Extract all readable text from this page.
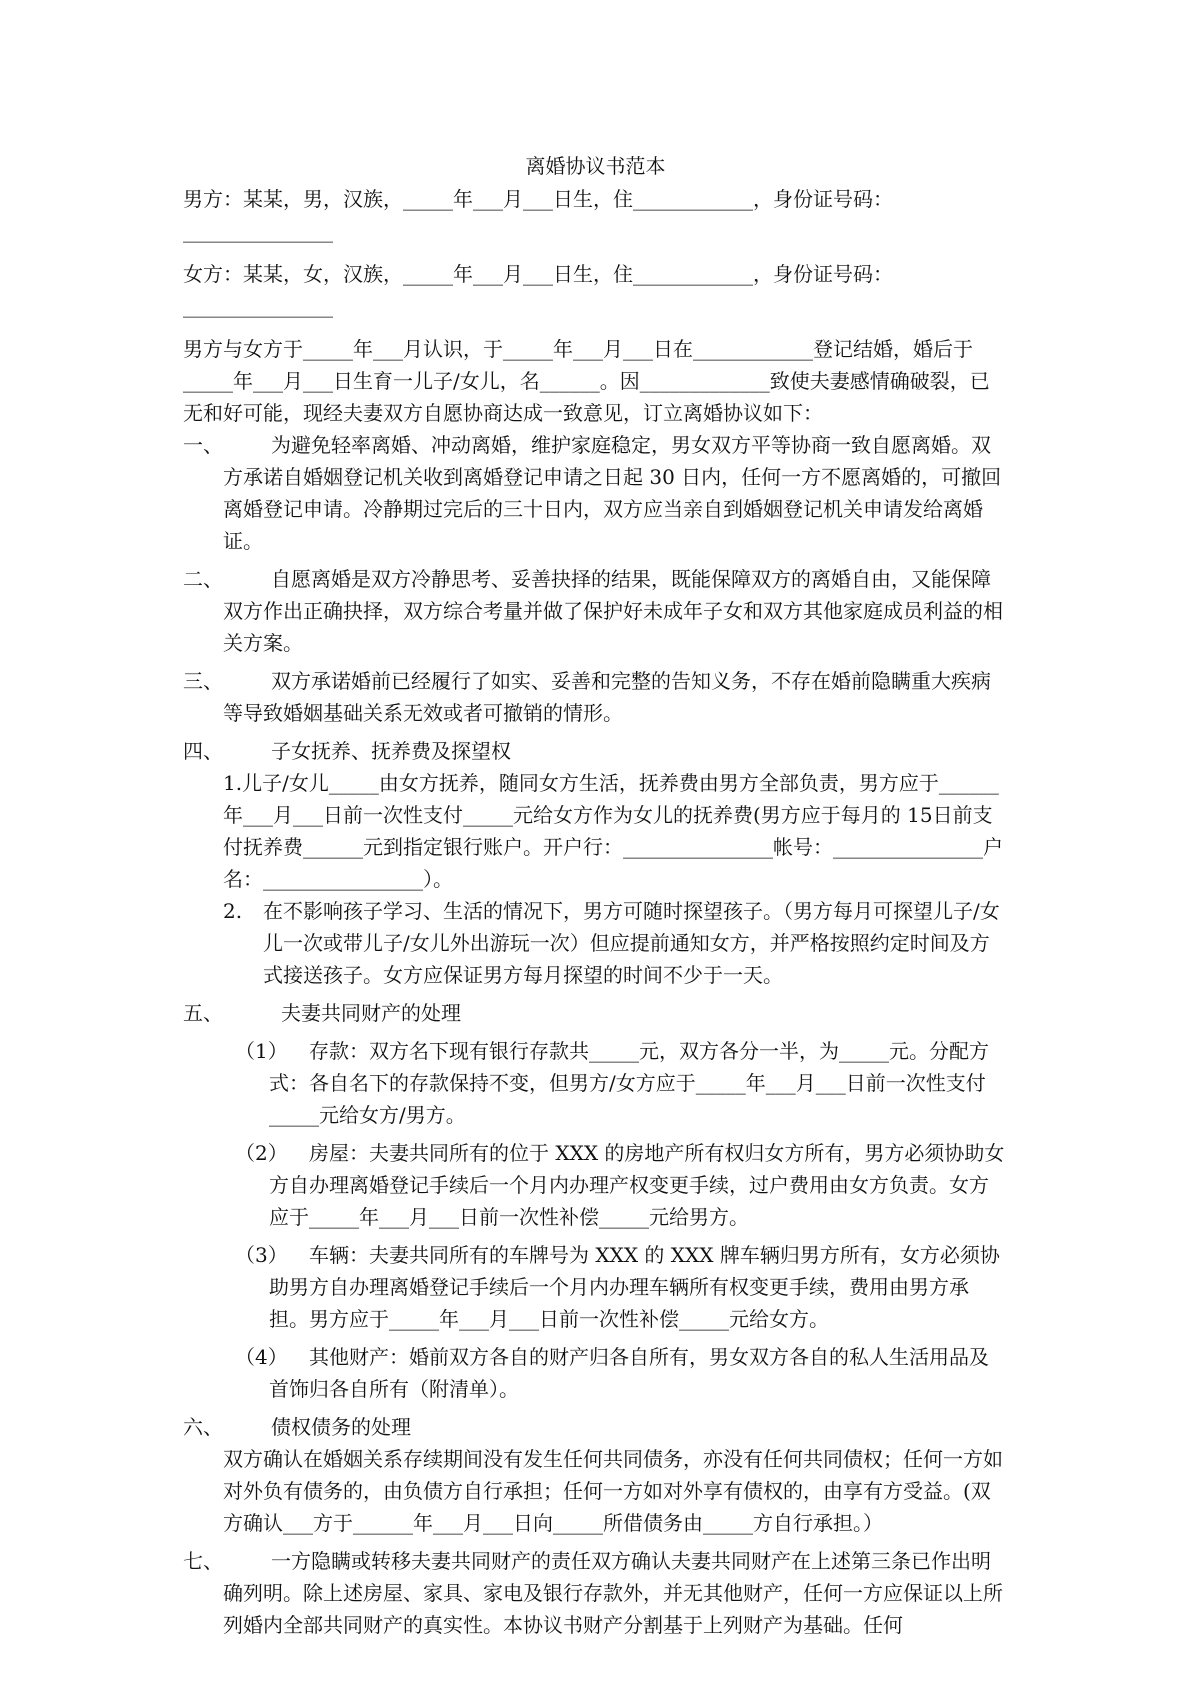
离婚协议书范本
男方：某某，男，汉族，_____年___月___日生，住____________，身份证号码：_______________
女方：某某，女，汉族，_____年___月___日生，住____________，身份证号码：_______________
男方与女方于_____年___月认识，于_____年___月___日在____________登记结婚，婚后于_____年___月___日生育一儿子/女儿，名______。因_____________致使夫妻感情确破裂，已无和好可能，现经夫妻双方自愿协商达成一致意见，订立离婚协议如下：
一、 为避免轻率离婚、冲动离婚，维护家庭稳定，男女双方平等协商一致自愿离婚。双方承诺自婚姻登记机关收到离婚登记申请之日起 30 日内，任何一方不愿离婚的，可撤回离婚登记申请。冷静期过完后的三十日内，双方应当亲自到婚姻登记机关申请发给离婚证。
二、 自愿离婚是双方冷静思考、妥善抉择的结果，既能保障双方的离婚自由，又能保障双方作出正确抉择，双方综合考量并做了保护好未成年子女和双方其他家庭成员利益的相关方案。
三、 双方承诺婚前已经履行了如实、妥善和完整的告知义务，不存在婚前隐瞒重大疾病等导致婚姻基础关系无效或者可撤销的情形。
四、 子女抚养、抚养费及探望权
1.儿子/女儿_____由女方抚养，随同女方生活，抚养费由男方全部负责，男方应于______年___月___日前一次性支付_____元给女方作为女儿的抚养费(男方应于每月的 15日前支付抚养费______元到指定银行账户。开户行：_______________帐号：_______________户名：________________）。
2. 在不影响孩子学习、生活的情况下，男方可随时探望孩子。（男方每月可探望儿子/女儿一次或带儿子/女儿外出游玩一次）但应提前通知女方，并严格按照约定时间及方式接送孩子。女方应保证男方每月探望的时间不少于一天。
五、	夫妻共同财产的处理
（1） 存款：双方名下现有银行存款共_____元，双方各分一半，为_____元。分配方式：各自名下的存款保持不变，但男方/女方应于_____年___月___日前一次性支付_____元给女方/男方。
（2） 房屋：夫妻共同所有的位于 XXX 的房地产所有权归女方所有，男方必须协助女方自办理离婚登记手续后一个月内办理产权变更手续，过户费用由女方负责。女方应于_____年___月___日前一次性补偿_____元给男方。
（3） 车辆：夫妻共同所有的车牌号为 XXX 的 XXX 牌车辆归男方所有，女方必须协助男方自办理离婚登记手续后一个月内办理车辆所有权变更手续，费用由男方承担。男方应于_____年___月___日前一次性补偿_____元给女方。
（4） 其他财产：婚前双方各自的财产归各自所有，男女双方各自的私人生活用品及首饰归各自所有（附清单）。
六、 债权债务的处理
双方确认在婚姻关系存续期间没有发生任何共同债务，亦没有任何共同债权；任何一方如对外负有债务的，由负债方自行承担；任何一方如对外享有债权的，由享有方受益。(双方确认___方于______年___月___日向_____所借债务由_____方自行承担。）
七、 一方隐瞒或转移夫妻共同财产的责任双方确认夫妻共同财产在上述第三条已作出明确列明。除上述房屋、家具、家电及银行存款外，并无其他财产，任何一方应保证以上所列婚内全部共同财产的真实性。本协议书财产分割基于上列财产为基础。任何
